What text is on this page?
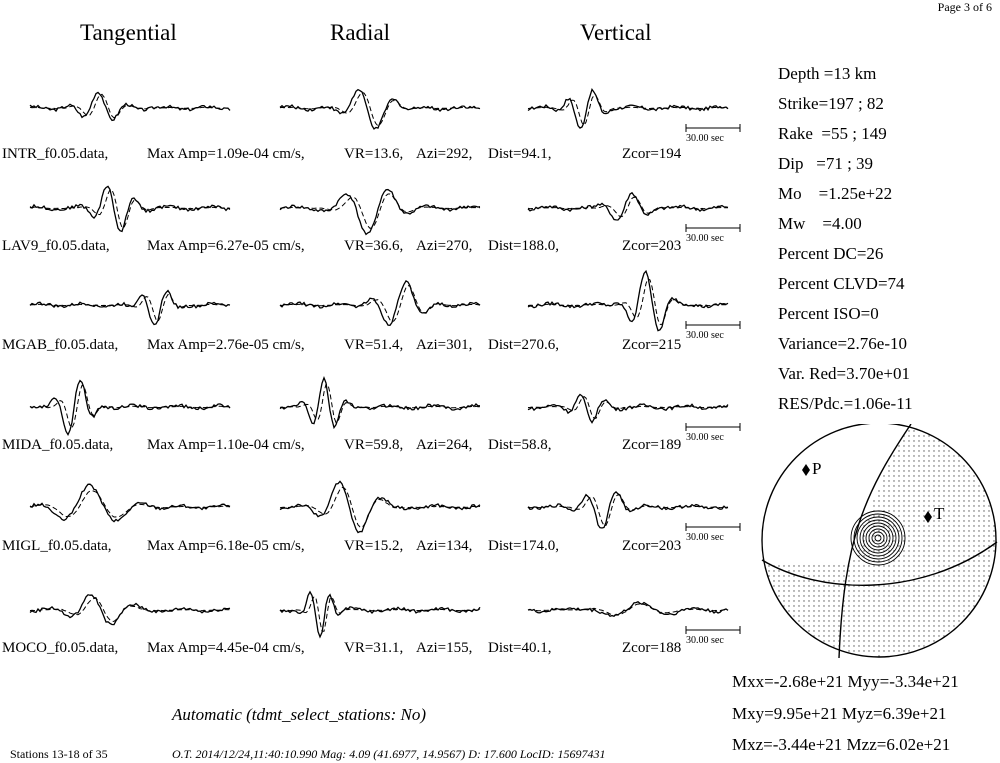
Page 3 of 6
Tangential	Radial	Vertical
30.00 sec
30.00 sec
30.00 sec
30.00 sec
30.00 sec
30.00 sec
INTR_f0.05.data,	Max Amp=1.09e-04 cm/s,	VR=13.6, Azi=292, Dist=94.1,	Zcor=194
LAV9_f0.05.data, Max Amp=6.27e-05 cm/s,	VR=36.6, Azi=270, Dist=188.0,	Zcor=203
MGAB_f0.05.data, Max Amp=2.76e-05 cm/s,	VR=51.4, Azi=301, Dist=270.6,	Zcor=215
MIDA_f0.05.data, Max Amp=1.10e-04 cm/s,	VR=59.8, Azi=264, Dist=58.8,	Zcor=189
MIGL_f0.05.data, Max Amp=6.18e-05 cm/s,	VR=15.2, Azi=134, Dist=174.0,	Zcor=203
MOCO_f0.05.data, Max Amp=4.45e-04 cm/s,	VR=31.1, Azi=155, Dist=40.1,	Zcor=188
Depth =13 km
Strike=197 ; 82
Rake  =55 ; 149
Dip   =71 ; 39
Mo    =1.25e+22
Mw    =4.00
Percent DC=26
Percent CLVD=74
Percent ISO=0
Variance=2.76e-10
Var. Red=3.70e+01
RES/Pdc.=1.06e-11
P
T
Mxx=-2.68e+21 Myy=-3.34e+21
Mxy=9.95e+21 Myz=6.39e+21
Mxz=-3.44e+21 Mzz=6.02e+21
Automatic (tdmt_select_stations: No)
Stations 13-18 of 35	O.T. 2014/12/24,11:40:10.990 Mag: 4.09 (41.6977, 14.9567) D: 17.600 LocID: 15697431
